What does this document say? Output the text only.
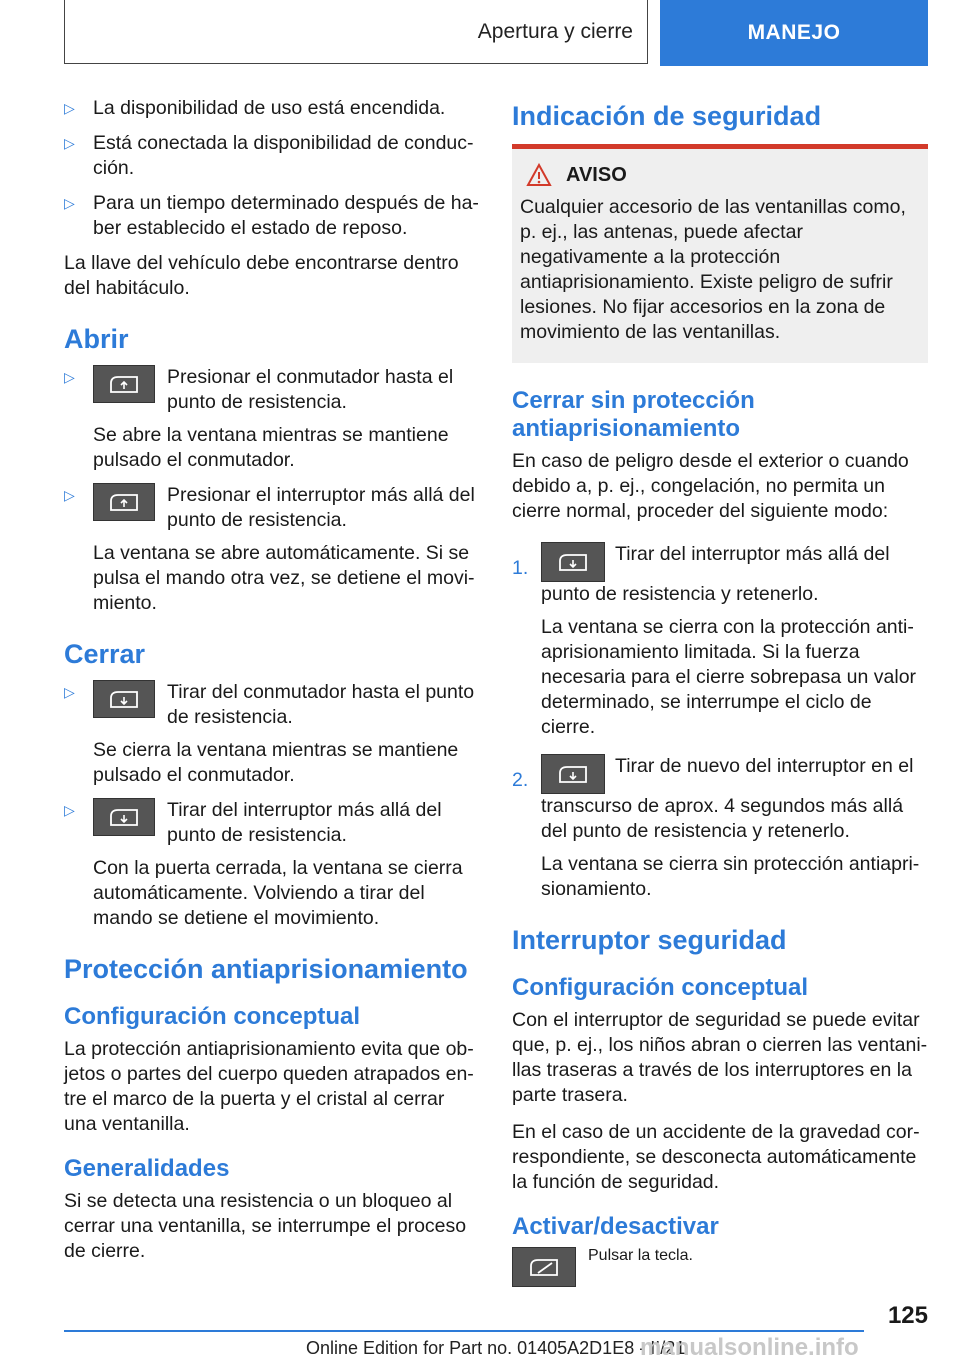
Apertura y cierre	MANEJO
▷ La disponibilidad de uso está encendida.
▷ Está conectada la disponibilidad de conducción.
▷ Para un tiempo determinado después de haber establecido el estado de reposo.

La llave del vehículo debe encontrarse dentro del habitáculo.

Abrir
▷	Presionar el conmutador hasta el punto de resistencia.

Se abre la ventana mientras se mantiene pulsado el conmutador.

▷	Presionar el interruptor más allá del punto de resistencia.

La ventana se abre automáticamente. Si se pulsa el mando otra vez, se detiene el movimiento.

Cerrar
▷	Tirar del conmutador hasta el punto de resistencia.

Se cierra la ventana mientras se mantiene pulsado el conmutador.

▷	Tirar del interruptor más allá del punto de resistencia.

Con la puerta cerrada, la ventana se cierra automáticamente. Volviendo a tirar del mando se detiene el movimiento.

Protección antiaprisionamiento
Configuración conceptual

La protección antiaprisionamiento evita que objetos o partes del cuerpo queden atrapados entre el marco de la puerta y el cristal al cerrar una ventanilla.

Generalidades

Si se detecta una resistencia o un bloqueo al cerrar una ventanilla, se interrumpe el proceso de cierre.

Indicación de seguridad
AVISO

Cualquier accesorio de las ventanillas como, p. ej., las antenas, puede afectar negativamente a la protección antiaprisionamiento. Existe peligro de sufrir lesiones. No fijar accesorios en la zona de movimiento de las ventanillas.

Cerrar sin protección antiaprisionamiento

En caso de peligro desde el exterior o cuando debido a, p. ej., congelación, no permita un cierre normal, proceder del siguiente modo:

1.
Tirar del interruptor más allá del punto de resistencia y retenerlo.

La ventana se cierra con la protección antiaprisionamiento limitada. Si la fuerza necesaria para el cierre sobrepasa un valor determinado, se interrumpe el ciclo de cierre.

2.
Tirar de nuevo del interruptor en el transcurso de aprox. 4 segundos más allá del punto de resistencia y retenerlo.

La ventana se cierra sin protección antiaprisionamiento.

Interruptor seguridad
Configuración conceptual

Con el interruptor de seguridad se puede evitar que, p. ej., los niños abran o cierren las ventanillas traseras a través de los interruptores en la parte trasera.

En el caso de un accidente de la gravedad correspondiente, se desconecta automáticamente la función de seguridad.

Activar/desactivar
Pulsar la tecla.
125
Online Edition for Part no. 01405A2D1E8 - II/21
manualsonline.info
